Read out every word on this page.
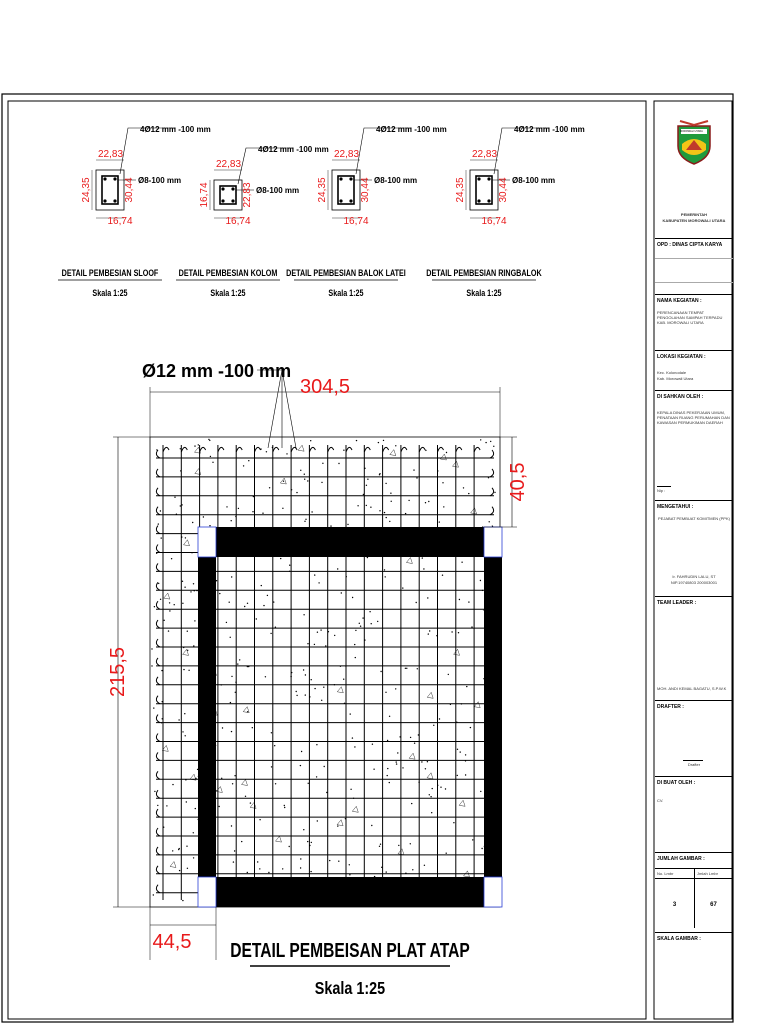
4Ø12 mm -100 mm
Ø8-100 mm
22,83
24,35	30,44
16,74
DETAIL PEMBESIAN SLOOF
Skala 1:25
4Ø12 mm -100 mm
Ø8-100 mm
22,83
16,74	22,83
16,74
DETAIL PEMBESIAN KOLOM
Skala 1:25
4Ø12 mm -100 mm
Ø8-100 mm
22,83
24,35	30,44
16,74
DETAIL PEMBESIAN BALOK LATEI
Skala 1:25
4Ø12 mm -100 mm
Ø8-100 mm
22,83
24,35	30,44
16,74
DETAIL PEMBESIAN RINGBALOK
Skala 1:25
Ø12 mm -100 mm
304,5
40,5
215,5
44,5 DETAIL PEMBEISAN PLAT ATAP
Skala 1:25
MOROWALI UTARA
PEMERINTAH
KABUPATEN MOROWALI UTARA
OPD : DINAS CIPTA KARYA
NAMA KEGIATAN :
PERENCANAAN TEMPAT PENGOLAHAN SAMPAH TERPADU KAB. MOROWALI UTARA
LOKASI KEGIATAN :
Kec. Kolonodale
Kab. Morowali Utara
DI SAHKAN OLEH :
KEPALA DINAS PEKERJAAN UMUM, PENATAAN RUANG PERUMAHAN DAN KAWASAN PERMUKIMAN DAERAH
Nip :
MENGETAHUI :
PEJABAT PEMBUAT KOMITMEN (PPK)
Ir. FAHRUDIN LALU, ST
NIP.19740803 200003001
TEAM LEADER :
MOH. ANDI KEMAL BAGATU, S.P.W.K
DRAFTER :
Drafter
DI BUAT OLEH :
CV.
JUMLAH GAMBAR :
No. Lmbr	Jmlah Lmbr
3	67
SKALA GAMBAR :
